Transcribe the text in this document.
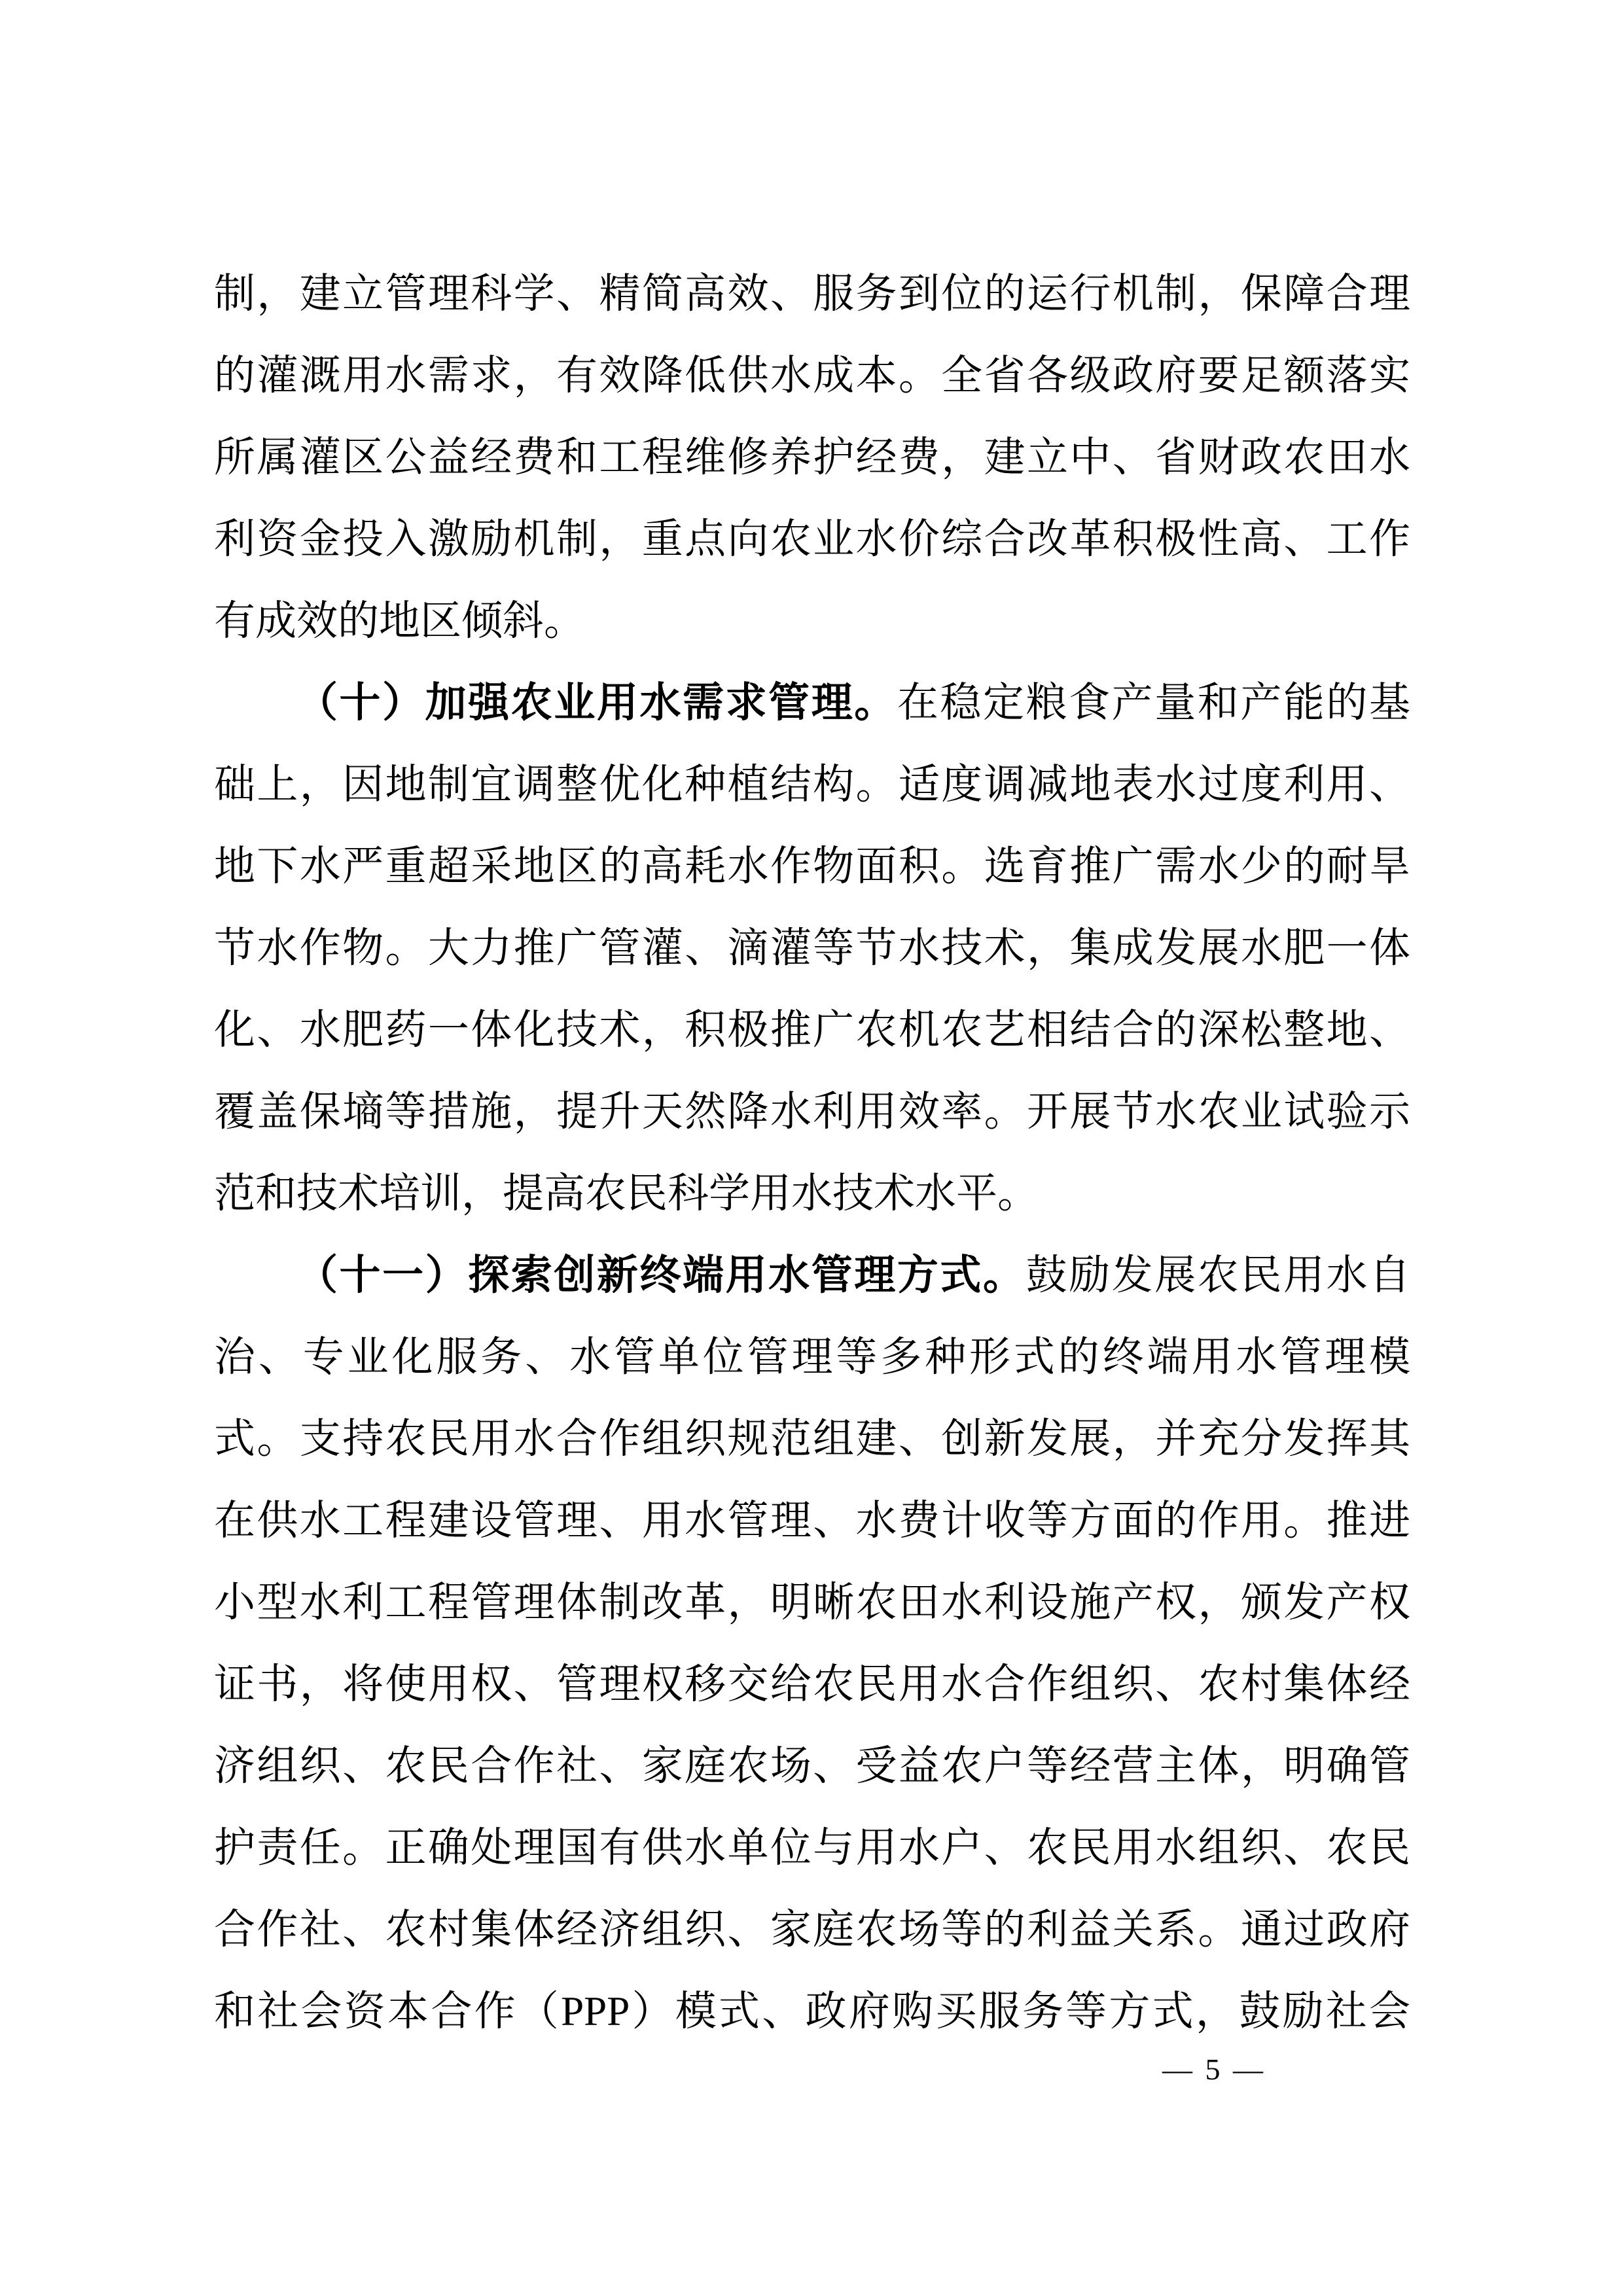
制，建立管理科学、精简高效、服务到位的运行机制，保障合理
的灌溉用水需求，有效降低供水成本。全省各级政府要足额落实
所属灌区公益经费和工程维修养护经费，建立中、省财政农田水
利资金投入激励机制，重点向农业水价综合改革积极性高、工作
有成效的地区倾斜。
（十）加强农业用水需求管理。在稳定粮食产量和产能的基
础上，因地制宜调整优化种植结构。适度调减地表水过度利用、
地下水严重超采地区的高耗水作物面积。选育推广需水少的耐旱
节水作物。大力推广管灌、滴灌等节水技术，集成发展水肥一体
化、水肥药一体化技术，积极推广农机农艺相结合的深松整地、
覆盖保墒等措施，提升天然降水利用效率。开展节水农业试验示
范和技术培训，提高农民科学用水技术水平。
（十一）探索创新终端用水管理方式。鼓励发展农民用水自
治、专业化服务、水管单位管理等多种形式的终端用水管理模
式。支持农民用水合作组织规范组建、创新发展，并充分发挥其
在供水工程建设管理、用水管理、水费计收等方面的作用。推进
小型水利工程管理体制改革，明晰农田水利设施产权，颁发产权
证书，将使用权、管理权移交给农民用水合作组织、农村集体经
济组织、农民合作社、家庭农场、受益农户等经营主体，明确管
护责任。正确处理国有供水单位与用水户、农民用水组织、农民
合作社、农村集体经济组织、家庭农场等的利益关系。通过政府
和社会资本合作（PPP）模式、政府购买服务等方式，鼓励社会
— 5 —
